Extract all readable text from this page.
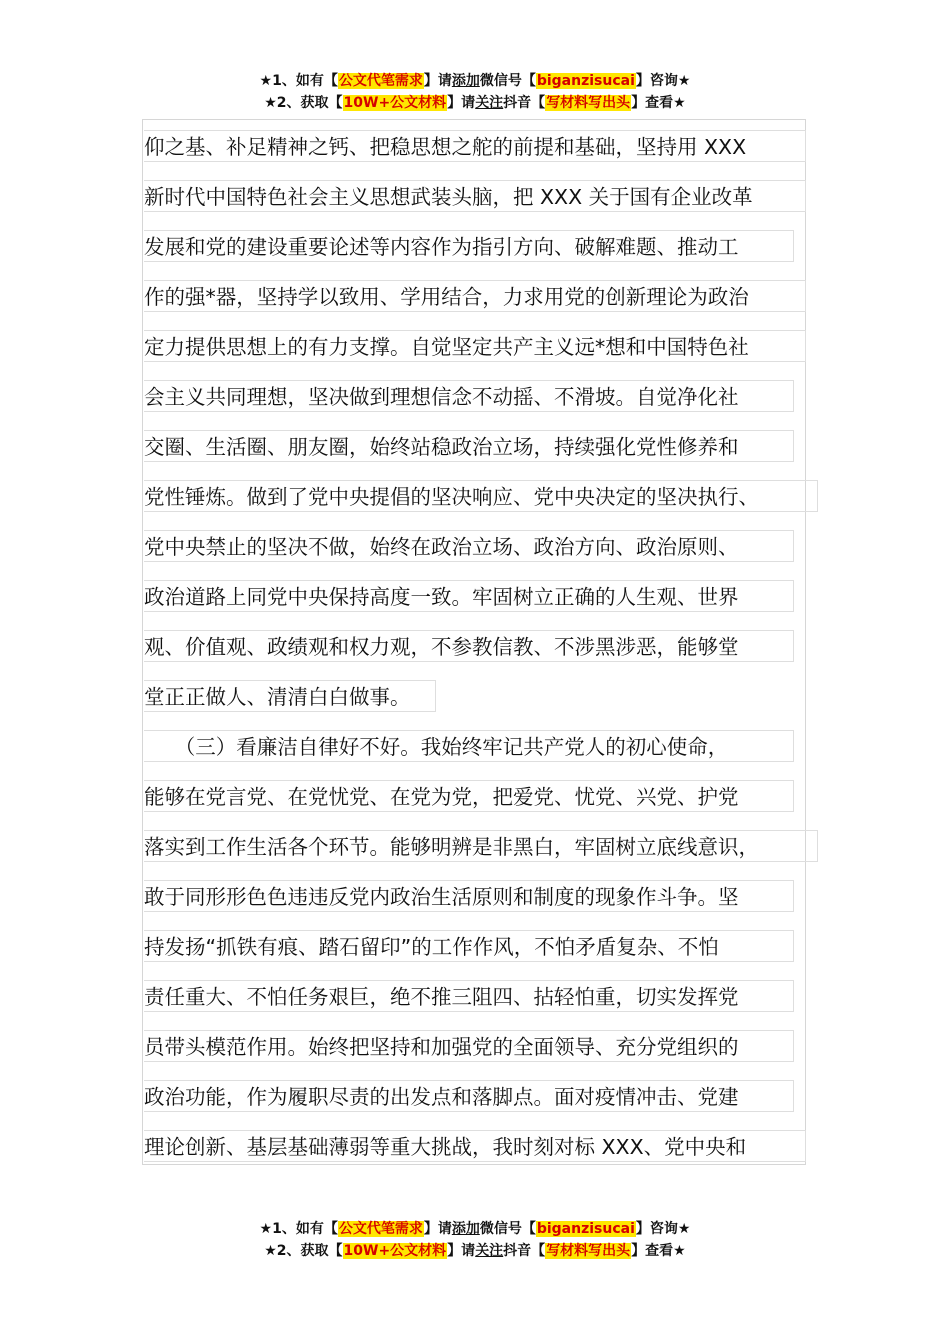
★1、如有【公文代笔需求】请添加微信号【biganzisucai】咨询★
★2、获取【10W+公文材料】请关注抖音【写材料写出头】查看★
仰之基、补足精神之钙、把稳思想之舵的前提和基础，坚持用 XXX
新时代中国特色社会主义思想武装头脑，把 XXX 关于国有企业改革
发展和党的建设重要论述等内容作为指引方向、破解难题、推动工
作的强*器，坚持学以致用、学用结合，力求用党的创新理论为政治
定力提供思想上的有力支撑。自觉坚定共产主义远*想和中国特色社
会主义共同理想，坚决做到理想信念不动摇、不滑坡。自觉净化社
交圈、生活圈、朋友圈，始终站稳政治立场，持续强化党性修养和
党性锤炼。做到了党中央提倡的坚决响应、党中央决定的坚决执行、
党中央禁止的坚决不做，始终在政治立场、政治方向、政治原则、
政治道路上同党中央保持高度一致。牢固树立正确的人生观、世界
观、价值观、政绩观和权力观，不参教信教、不涉黑涉恶，能够堂
堂正正做人、清清白白做事。
　　（三）看廉洁自律好不好。我始终牢记共产党人的初心使命，
能够在党言党、在党忧党、在党为党，把爱党、忧党、兴党、护党
落实到工作生活各个环节。能够明辨是非黑白，牢固树立底线意识，
敢于同形形色色违违反党内政治生活原则和制度的现象作斗争。坚
持发扬“抓铁有痕、踏石留印”的工作作风，不怕矛盾复杂、不怕
责任重大、不怕任务艰巨，绝不推三阻四、拈轻怕重，切实发挥党
员带头模范作用。始终把坚持和加强党的全面领导、充分党组织的
政治功能，作为履职尽责的出发点和落脚点。面对疫情冲击、党建
理论创新、基层基础薄弱等重大挑战，我时刻对标 XXX、党中央和
★1、如有【公文代笔需求】请添加微信号【biganzisucai】咨询★
★2、获取【10W+公文材料】请关注抖音【写材料写出头】查看★
